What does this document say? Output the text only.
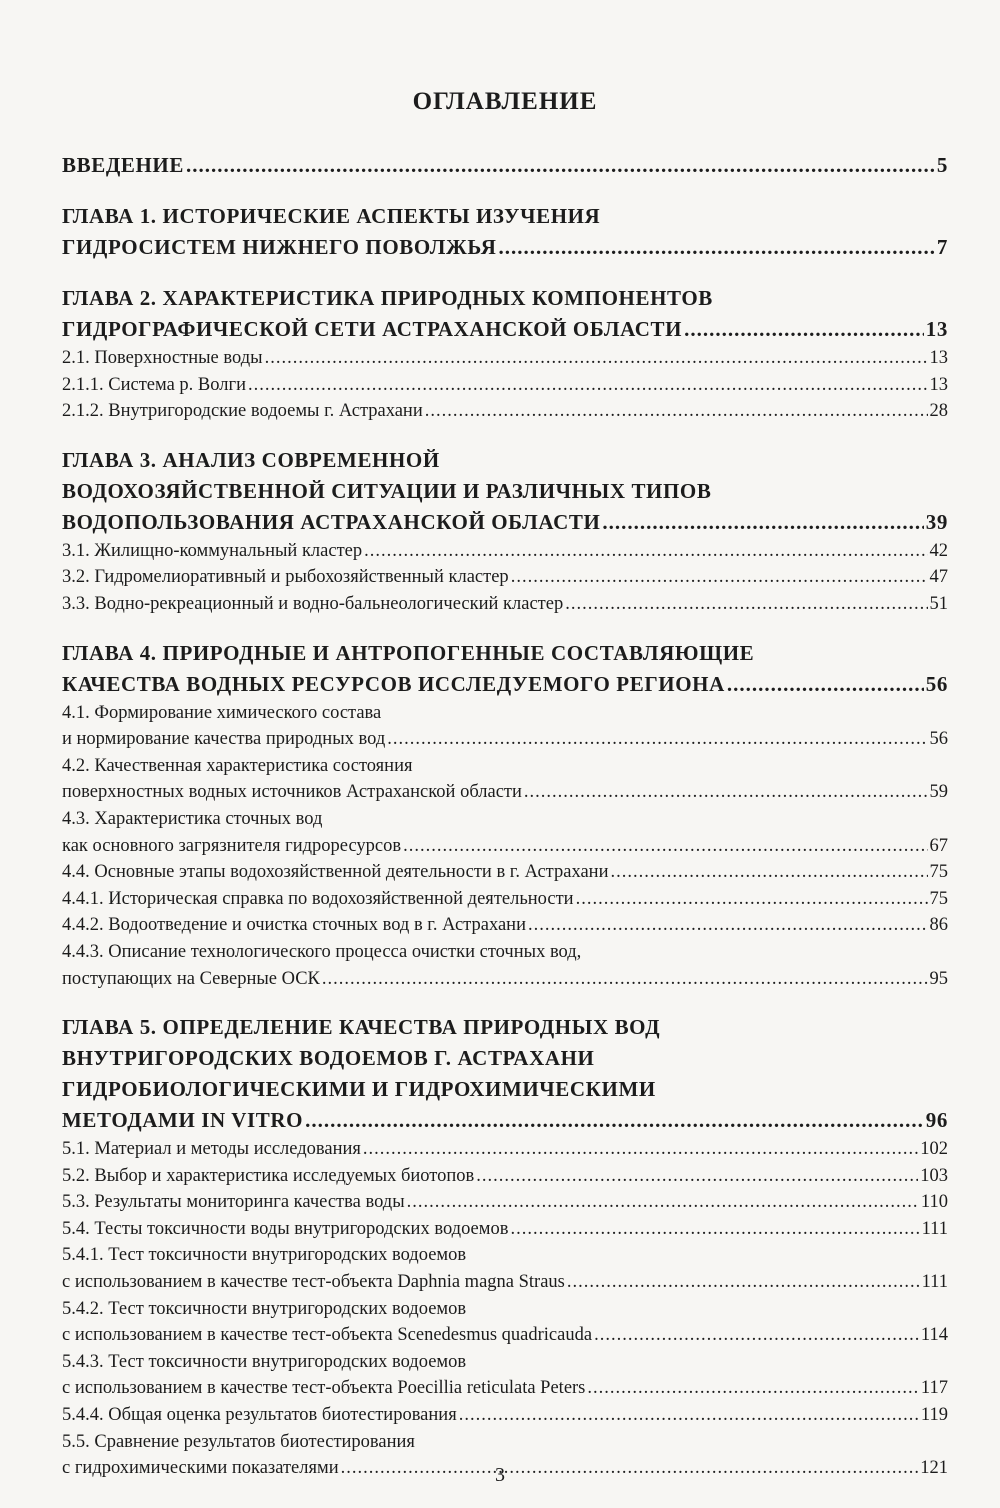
ОГЛАВЛЕНИЕ
ВВЕДЕНИЕ .....	5
ГЛАВА 1. ИСТОРИЧЕСКИЕ АСПЕКТЫ ИЗУЧЕНИЯ
ГИДРОСИСТЕМ НИЖНЕГО ПОВОЛЖЬЯ .....	7
ГЛАВА 2. ХАРАКТЕРИСТИКА ПРИРОДНЫХ КОМПОНЕНТОВ
ГИДРОГРАФИЧЕСКОЙ СЕТИ АСТРАХАНСКОЙ ОБЛАСТИ .....	13
2.1. Поверхностные воды .....	13
2.1.1. Система р. Волги .....	13
2.1.2. Внутригородские водоемы г. Астрахани .....	28
ГЛАВА 3. АНАЛИЗ СОВРЕМЕННОЙ
ВОДОХОЗЯЙСТВЕННОЙ СИТУАЦИИ И РАЗЛИЧНЫХ ТИПОВ
ВОДОПОЛЬЗОВАНИЯ АСТРАХАНСКОЙ ОБЛАСТИ .....	39
3.1. Жилищно-коммунальный кластер .....	42
3.2. Гидромелиоративный и рыбохозяйственный кластер .....	47
3.3. Водно-рекреационный и водно-бальнеологический кластер .....	51
ГЛАВА 4. ПРИРОДНЫЕ И АНТРОПОГЕННЫЕ СОСТАВЛЯЮЩИЕ
КАЧЕСТВА ВОДНЫХ РЕСУРСОВ ИССЛЕДУЕМОГО РЕГИОНА .....	56
4.1. Формирование химического состава
и нормирование качества природных вод .....	56
4.2. Качественная характеристика состояния
поверхностных водных источников Астраханской области .....	59
4.3. Характеристика сточных вод
как основного загрязнителя гидроресурсов .....	67
4.4. Основные этапы водохозяйственной деятельности в г. Астрахани .....	75
4.4.1. Историческая справка по водохозяйственной деятельности .....	75
4.4.2. Водоотведение и очистка сточных вод в г. Астрахани .....	86
4.4.3. Описание технологического процесса очистки сточных вод,
поступающих на Северные ОСК .....	95
ГЛАВА 5. ОПРЕДЕЛЕНИЕ КАЧЕСТВА ПРИРОДНЫХ ВОД
ВНУТРИГОРОДСКИХ ВОДОЕМОВ Г. АСТРАХАНИ
ГИДРОБИОЛОГИЧЕСКИМИ И ГИДРОХИМИЧЕСКИМИ
МЕТОДАМИ IN VITRO .....	96
5.1. Материал и методы исследования .....	102
5.2. Выбор и характеристика исследуемых биотопов .....	103
5.3. Результаты мониторинга качества воды .....	110
5.4. Тесты токсичности воды внутригородских водоемов .....	111
5.4.1. Тест токсичности внутригородских водоемов
с использованием в качестве тест-объекта Daphnia magna Straus .....	111
5.4.2. Тест токсичности внутригородских водоемов
с использованием в качестве тест-объекта Scenedesmus quadricauda .....	114
5.4.3. Тест токсичности внутригородских водоемов
с использованием в качестве тест-объекта Poecillia reticulata Peters .....	117
5.4.4. Общая оценка результатов биотестирования .....	119
5.5. Сравнение результатов биотестирования
с гидрохимическими показателями .....	121
3
